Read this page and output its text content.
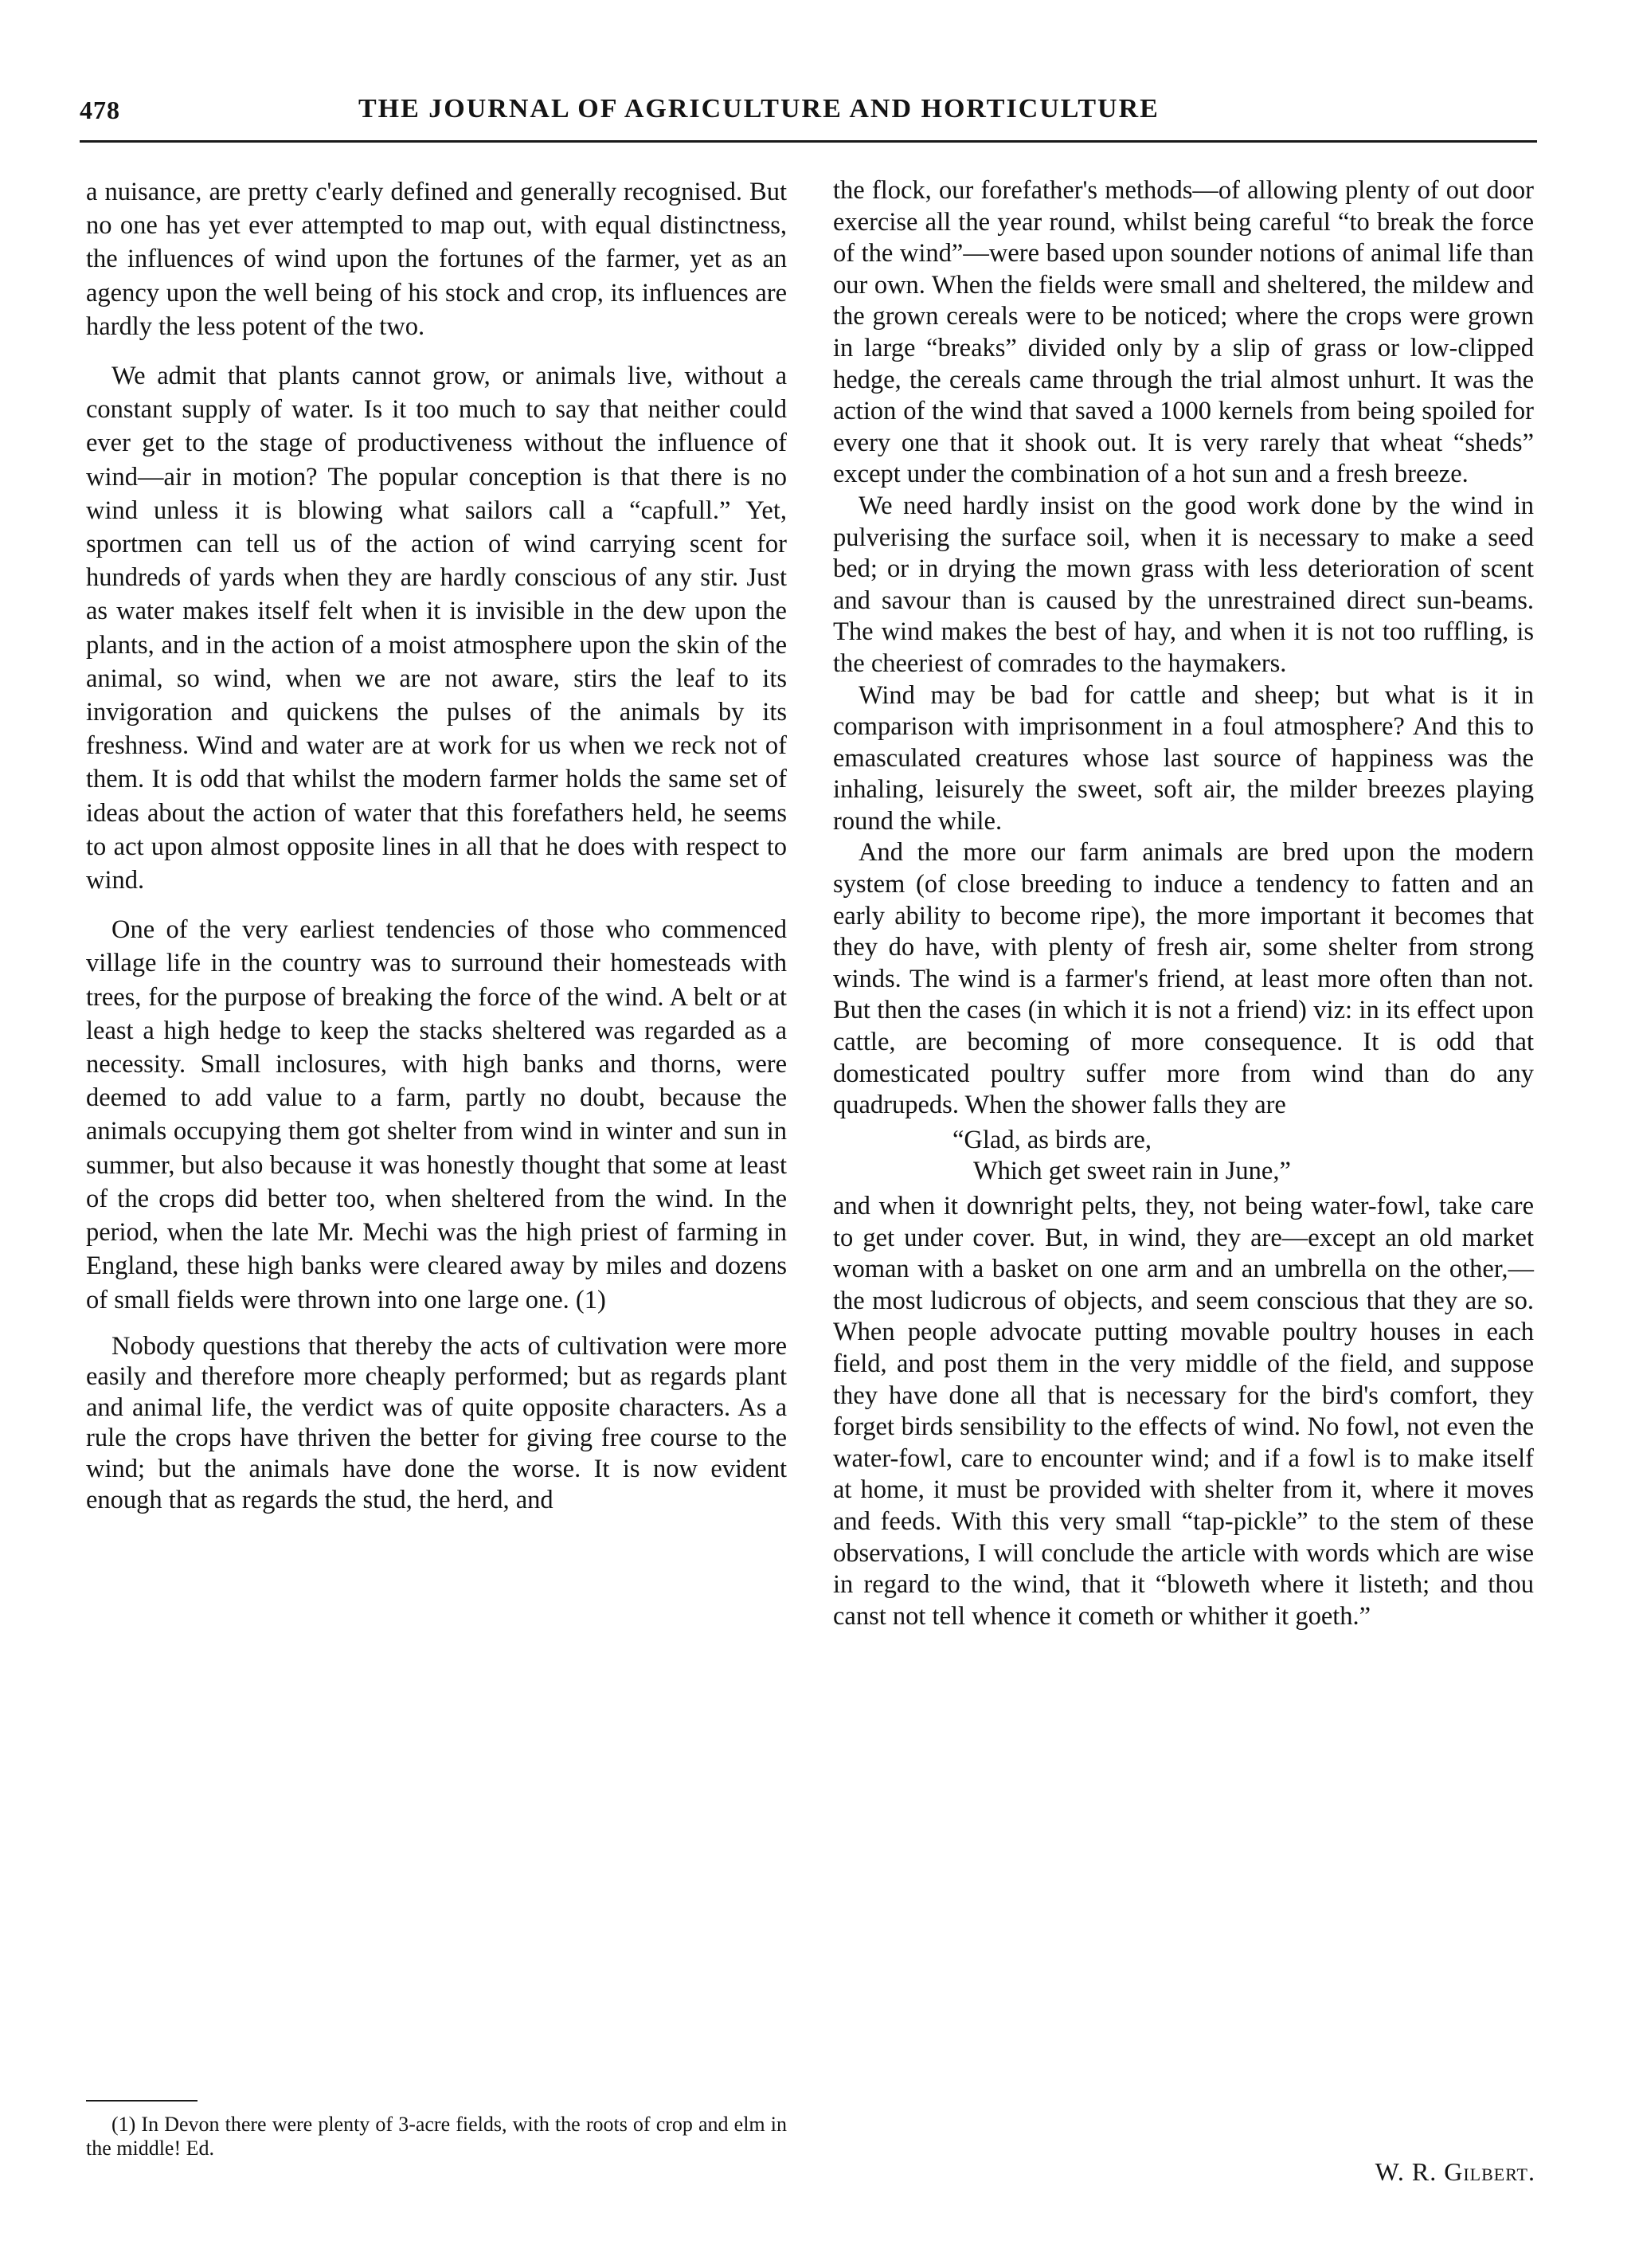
478	THE JOURNAL OF AGRICULTURE AND HORTICULTURE

a nuisance, are pretty c'early defined and generally recognised. But no one has yet ever attempted to map out, with equal distinctness, the influences of wind upon the fortunes of the farmer, yet as an agency upon the well being of his stock and crop, its influences are hardly the less potent of the two.

We admit that plants cannot grow, or animals live, without a constant supply of water. Is it too much to say that neither could ever get to the stage of productiveness without the influence of wind—air in motion? The popular conception is that there is no wind unless it is blowing what sailors call a “capfull.” Yet, sportmen can tell us of the action of wind carrying scent for hundreds of yards when they are hardly conscious of any stir. Just as water makes itself felt when it is invisible in the dew upon the plants, and in the action of a moist atmosphere upon the skin of the animal, so wind, when we are not aware, stirs the leaf to its invigoration and quickens the pulses of the animals by its freshness. Wind and water are at work for us when we reck not of them. It is odd that whilst the modern farmer holds the same set of ideas about the action of water that this forefathers held, he seems to act upon almost opposite lines in all that he does with respect to wind.

One of the very earliest tendencies of those who commenced village life in the country was to surround their homesteads with trees, for the purpose of breaking the force of the wind. A belt or at least a high hedge to keep the stacks sheltered was regarded as a necessity. Small inclosures, with high banks and thorns, were deemed to add value to a farm, partly no doubt, because the animals occupying them got shelter from wind in winter and sun in summer, but also because it was honestly thought that some at least of the crops did better too, when sheltered from the wind. In the period, when the late Mr. Mechi was the high priest of farming in England, these high banks were cleared away by miles and dozens of small fields were thrown into one large one. (1)

Nobody questions that thereby the acts of cultivation were more easily and therefore more cheaply performed; but as regards plant and animal life, the verdict was of quite opposite characters. As a rule the crops have thriven the better for giving free course to the wind; but the animals have done the worse. It is now evident enough that as regards the stud, the herd, and

(1) In Devon there were plenty of 3-acre fields, with the roots of crop and elm in the middle! Ed.

the flock, our forefather's methods—of allowing plenty of out door exercise all the year round, whilst being careful “to break the force of the wind”—were based upon sounder notions of animal life than our own. When the fields were small and sheltered, the mildew and the grown cereals were to be noticed; where the crops were grown in large “breaks” divided only by a slip of grass or low-clipped hedge, the cereals came through the trial almost unhurt. It was the action of the wind that saved a 1000 kernels from being spoiled for every one that it shook out. It is very rarely that wheat “sheds” except under the combination of a hot sun and a fresh breeze.

We need hardly insist on the good work done by the wind in pulverising the surface soil, when it is necessary to make a seed bed; or in drying the mown grass with less deterioration of scent and savour than is caused by the unrestrained direct sun-beams. The wind makes the best of hay, and when it is not too ruffling, is the cheeriest of comrades to the haymakers.

Wind may be bad for cattle and sheep; but what is it in comparison with imprisonment in a foul atmosphere? And this to emasculated creatures whose last source of happiness was the inhaling, leisurely the sweet, soft air, the milder breezes playing round the while.

And the more our farm animals are bred upon the modern system (of close breeding to induce a tendency to fatten and an early ability to become ripe), the more important it becomes that they do have, with plenty of fresh air, some shelter from strong winds. The wind is a farmer's friend, at least more often than not. But then the cases (in which it is not a friend) viz: in its effect upon cattle, are becoming of more consequence. It is odd that domesticated poultry suffer more from wind than do any quadrupeds. When the shower falls they are

“Glad, as birds are,
Which get sweet rain in June,”

and when it downright pelts, they, not being water-fowl, take care to get under cover. But, in wind, they are—except an old market woman with a basket on one arm and an umbrella on the other,—the most ludicrous of objects, and seem conscious that they are so. When people advocate putting movable poultry houses in each field, and post them in the very middle of the field, and suppose they have done all that is necessary for the bird's comfort, they forget birds sensibility to the effects of wind. No fowl, not even the water-fowl, care to encounter wind; and if a fowl is to make itself at home, it must be provided with shelter from it, where it moves and feeds. With this very small “tap-pickle” to the stem of these observations, I will conclude the article with words which are wise in regard to the wind, that it “bloweth where it listeth; and thou canst not tell whence it cometh or whither it goeth.”

W. R. Gilbert.
